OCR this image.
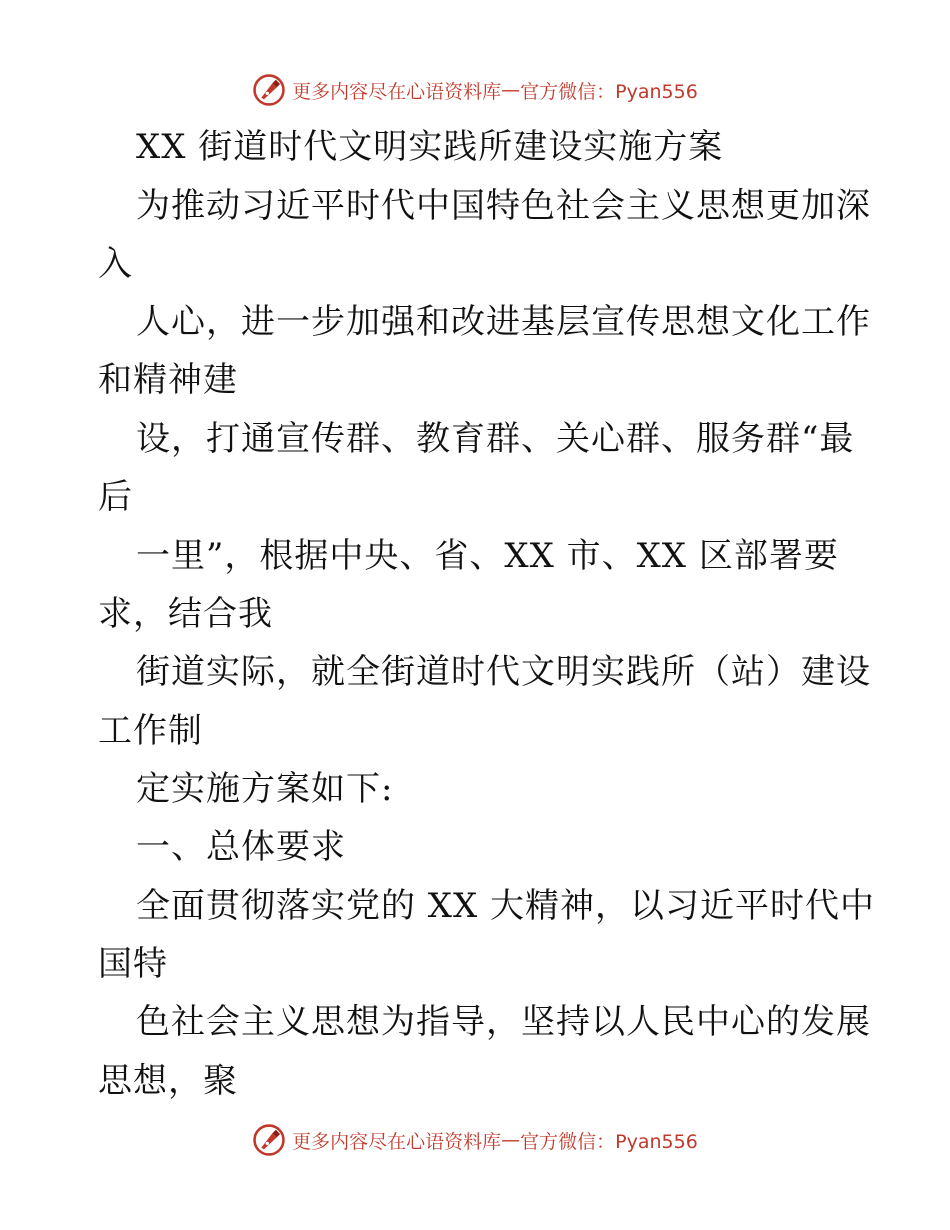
更多内容尽在心语资料库 — 官方微信：Pyan556
XX 街道时代文明实践所建设实施方案
为推动习近平时代中国特色社会主义思想更加深
入
人心，进一步加强和改进基层宣传思想文化工作
和精神建
设，打通宣传群、教育群、关心群、服务群“最
后
一里”，根据中央、省、XX 市、XX 区部署要
求，结合我
街道实际，就全街道时代文明实践所（站）建设
工作制
定实施方案如下:
一、总体要求
全面贯彻落实党的 XX 大精神，以习近平时代中
国特
色社会主义思想为指导，坚持以人民中心的发展
思想，聚
更多内容尽在心语资料库 — 官方微信：Pyan556
